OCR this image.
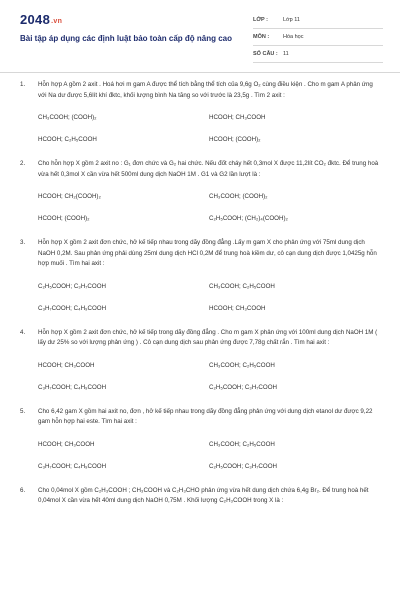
2048.vn
Bài tập áp dụng các định luật bảo toàn cấp độ nâng cao
LỚP :	Lớp 11
MÔN :	Hóa học
SỐ CÂU : 11
1.	Hỗn hợp A gồm 2 axit . Hoá hơi m gam A được thể tích bằng thể tích của 9,6g O₂ cùng điều kiện . Cho m gam A phản ứng với Na dư được 5,6lít khí đktc, khối lượng bình Na tăng so với trước là 23,5g . Tìm 2 axit :
CH₃COOH; (COOH)₂	HCOOH; CH₃COOH
HCOOH; C₂H₅COOH	HCOOH; (COOH)₂
2.	Cho hỗn hợp X gồm 2 axit no : G₁ đơn chức và G₂ hai chức. Nếu đốt cháy hết 0,3mol X được 11,2lít CO₂ đktc. Để trung hoà vừa hết 0,3mol X cần vừa hết 500ml dung dịch NaOH 1M . G1 và G2 lần lượt là :
HCOOH; CH₂(COOH)₂	CH₃COOH; (COOH)₂
HCOOH; (COOH)₂	C₂H₅COOH; (CH₂)₄(COOH)₂
3.	Hỗn hợp X gồm 2 axit đơn chức, hở kế tiếp nhau trong dãy đồng đẳng .Lấy m gam X cho phản ứng với 75ml dung dịch NaOH 0,2M. Sau phản ứng phải dùng 25ml dung dịch HCl 0,2M để trung hoà kiềm dư, cô cạn dung dịch được 1,0425g hỗn hợp muối . Tìm hai axit :
C₂H₅COOH; C₃H₇COOH	CH₃COOH; C₂H₅COOH
C₃H₇COOH; C₄H₉COOH	HCOOH; CH₃COOH
4.	Hỗn hợp X gồm 2 axit đơn chức, hở kế tiếp trong dãy đồng đẳng . Cho m gam X phản ứng với 100ml dung dịch NaOH 1M ( lấy dư 25% so với lượng phản ứng ) . Cô cạn dung dịch sau phản ứng được 7,78g chất rắn . Tìm hai axit :
HCOOH; CH₃COOH	CH₃COOH; C₂H₅COOH
C₃H₇COOH; C₄H₉COOH	C₂H₅COOH; C₃H₇COOH
5.	Cho 6,42 gam X gồm hai axit no, đơn , hở kế tiếp nhau trong dãy đồng đẳng phản ứng với dung dịch etanol dư được 9,22 gam hỗn hợp hai este. Tìm hai axit :
HCOOH; CH₃COOH	CH₃COOH; C₂H₅COOH
C₃H₇COOH; C₄H₉COOH	C₂H₅COOH; C₃H₇COOH
6.	Cho 0,04mol X gồm C₂H₃COOH ; CH₃COOH và C₂H₃CHO phản ứng vừa hết dung dịch chứa 6,4g Br₂. Để trung hoà hết 0,04mol X cần vừa hết 40ml dung dịch NaOH 0,75M . Khối lượng C₂H₃COOH trong X là :
